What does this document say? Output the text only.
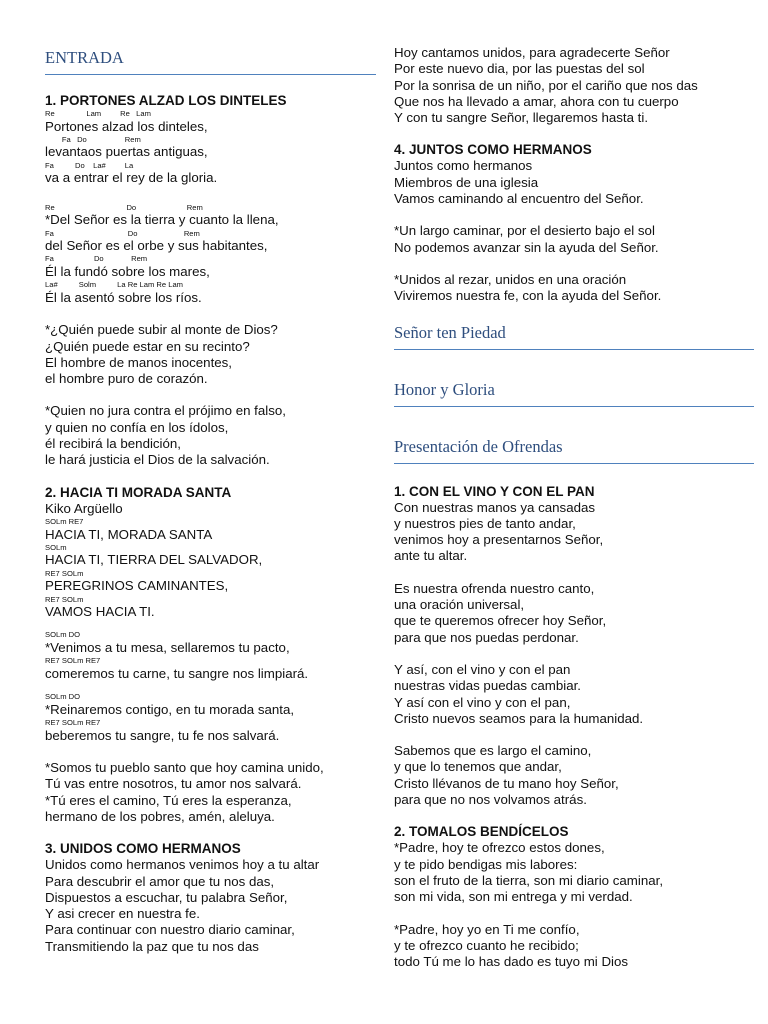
ENTRADA
1. PORTONES ALZAD LOS DINTELES
Re               Lam         Re   Lam
Portones alzad los dinteles,
Fa   Do                  Rem
levantaos puertas antiguas,
Fa          Do    La#         La
va a entrar el rey de la gloria.
Re                                  Do                        Rem
*Del Señor es la tierra y cuanto la llena,
Fa                                   Do                      Rem
del Señor es el orbe y sus habitantes,
Fa                   Do             Rem
Él la fundó sobre los mares,
La#          Solm          La Re Lam Re Lam
Él la asentó sobre los ríos.
*¿Quién puede subir al monte de Dios?
¿Quién puede estar en su recinto?
El hombre de manos inocentes,
el hombre puro de corazón.
*Quien no jura contra el prójimo en falso,
y quien no confía en los ídolos,
él recibirá la bendición,
le hará justicia el Dios de la salvación.
2. HACIA TI MORADA SANTA
Kiko Argüello
SOLm RE7
HACIA TI, MORADA SANTA
SOLm
HACIA TI, TIERRA DEL SALVADOR,
RE7 SOLm
PEREGRINOS CAMINANTES,
RE7 SOLm
VAMOS HACIA TI.
SOLm DO
*Venimos a tu mesa, sellaremos tu pacto,
RE7 SOLm RE7
comeremos tu carne, tu sangre nos limpiará.
SOLm DO
*Reinaremos contigo, en tu morada santa,
RE7 SOLm RE7
beberemos tu sangre, tu fe nos salvará.
*Somos tu pueblo santo que hoy camina unido,
Tú vas entre nosotros, tu amor nos salvará.
*Tú eres el camino, Tú eres la esperanza,
hermano de los pobres, amén, aleluya.
3. UNIDOS COMO HERMANOS
Unidos como hermanos venimos hoy a tu altar
Para descubrir el amor que tu nos das,
Dispuestos a escuchar, tu palabra Señor,
Y asi crecer en nuestra fe.
Para continuar con nuestro diario caminar,
Transmitiendo la paz que tu nos das
Hoy cantamos unidos, para agradecerte Señor
Por este nuevo dia, por las puestas del sol
Por la sonrisa de un niño, por el cariño que nos das
Que nos ha llevado a amar, ahora con tu cuerpo
Y con tu sangre Señor, llegaremos hasta ti.
4. JUNTOS COMO HERMANOS
Juntos como hermanos
Miembros de una iglesia
Vamos caminando al encuentro del Señor.
*Un largo caminar, por el desierto bajo el sol
No podemos avanzar sin la ayuda del Señor.
*Unidos al rezar, unidos en una oración
Viviremos nuestra fe, con la ayuda del Señor.
Señor ten Piedad
Honor y Gloria
Presentación de Ofrendas
1. CON EL VINO Y CON EL PAN
Con nuestras manos ya cansadas
y nuestros pies de tanto andar,
venimos hoy a presentarnos Señor,
ante tu altar.
Es nuestra ofrenda nuestro canto,
una oración universal,
que te queremos ofrecer hoy Señor,
para que nos puedas perdonar.
Y así, con el vino y con el pan
nuestras vidas puedas cambiar.
Y así con el vino y con el pan,
Cristo nuevos seamos para la humanidad.
Sabemos que es largo el camino,
y que lo tenemos que andar,
Cristo llévanos de tu mano hoy Señor,
para que no nos volvamos atrás.
2. TOMALOS BENDÍCELOS
*Padre, hoy te ofrezco estos dones,
y te pido bendigas mis labores:
son el fruto de la tierra, son mi diario caminar,
son mi vida, son mi entrega y mi verdad.
*Padre, hoy yo en Ti me confío,
y te ofrezco cuanto he recibido;
todo Tú me lo has dado es tuyo mi Dios
